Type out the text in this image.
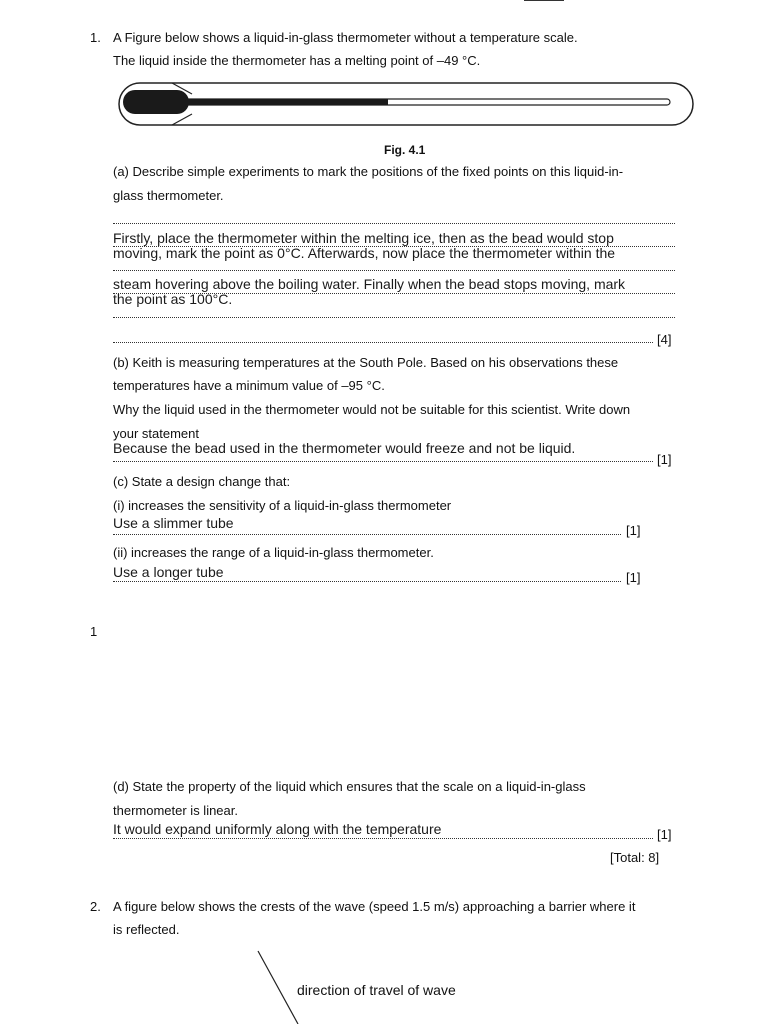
1. A Figure below shows a liquid-in-glass thermometer without a temperature scale.
The liquid inside the thermometer has a melting point of –49 °C.
Fig. 4.1
(a) Describe simple experiments to mark the positions of the fixed points on this liquid-in-
glass thermometer.
Firstly, place the thermometer within the melting ice, then as the bead would stop
moving, mark the point as 0°C. Afterwards, now place the thermometer within the
steam hovering above the boiling water. Finally when the bead stops moving, mark
the point as 100°C.
[4]
(b) Keith is measuring temperatures at the South Pole. Based on his observations these
temperatures have a minimum value of –95 °C.
Why the liquid used in the thermometer would not be suitable for this scientist. Write down
your statement
Because the bead used in the thermometer would freeze and not be liquid.
[1]
(c) State a design change that:
(i) increases the sensitivity of a liquid-in-glass thermometer
Use a slimmer tube	[1]
(ii) increases the range of a liquid-in-glass thermometer.
Use a longer tube	[1]
1
(d) State the property of the liquid which ensures that the scale on a liquid-in-glass
thermometer is linear.
It would expand uniformly along with the temperature	[1]
[Total: 8]
2. A figure below shows the crests of the wave (speed 1.5 m/s) approaching a barrier where it
is reflected.
direction of travel of wave
